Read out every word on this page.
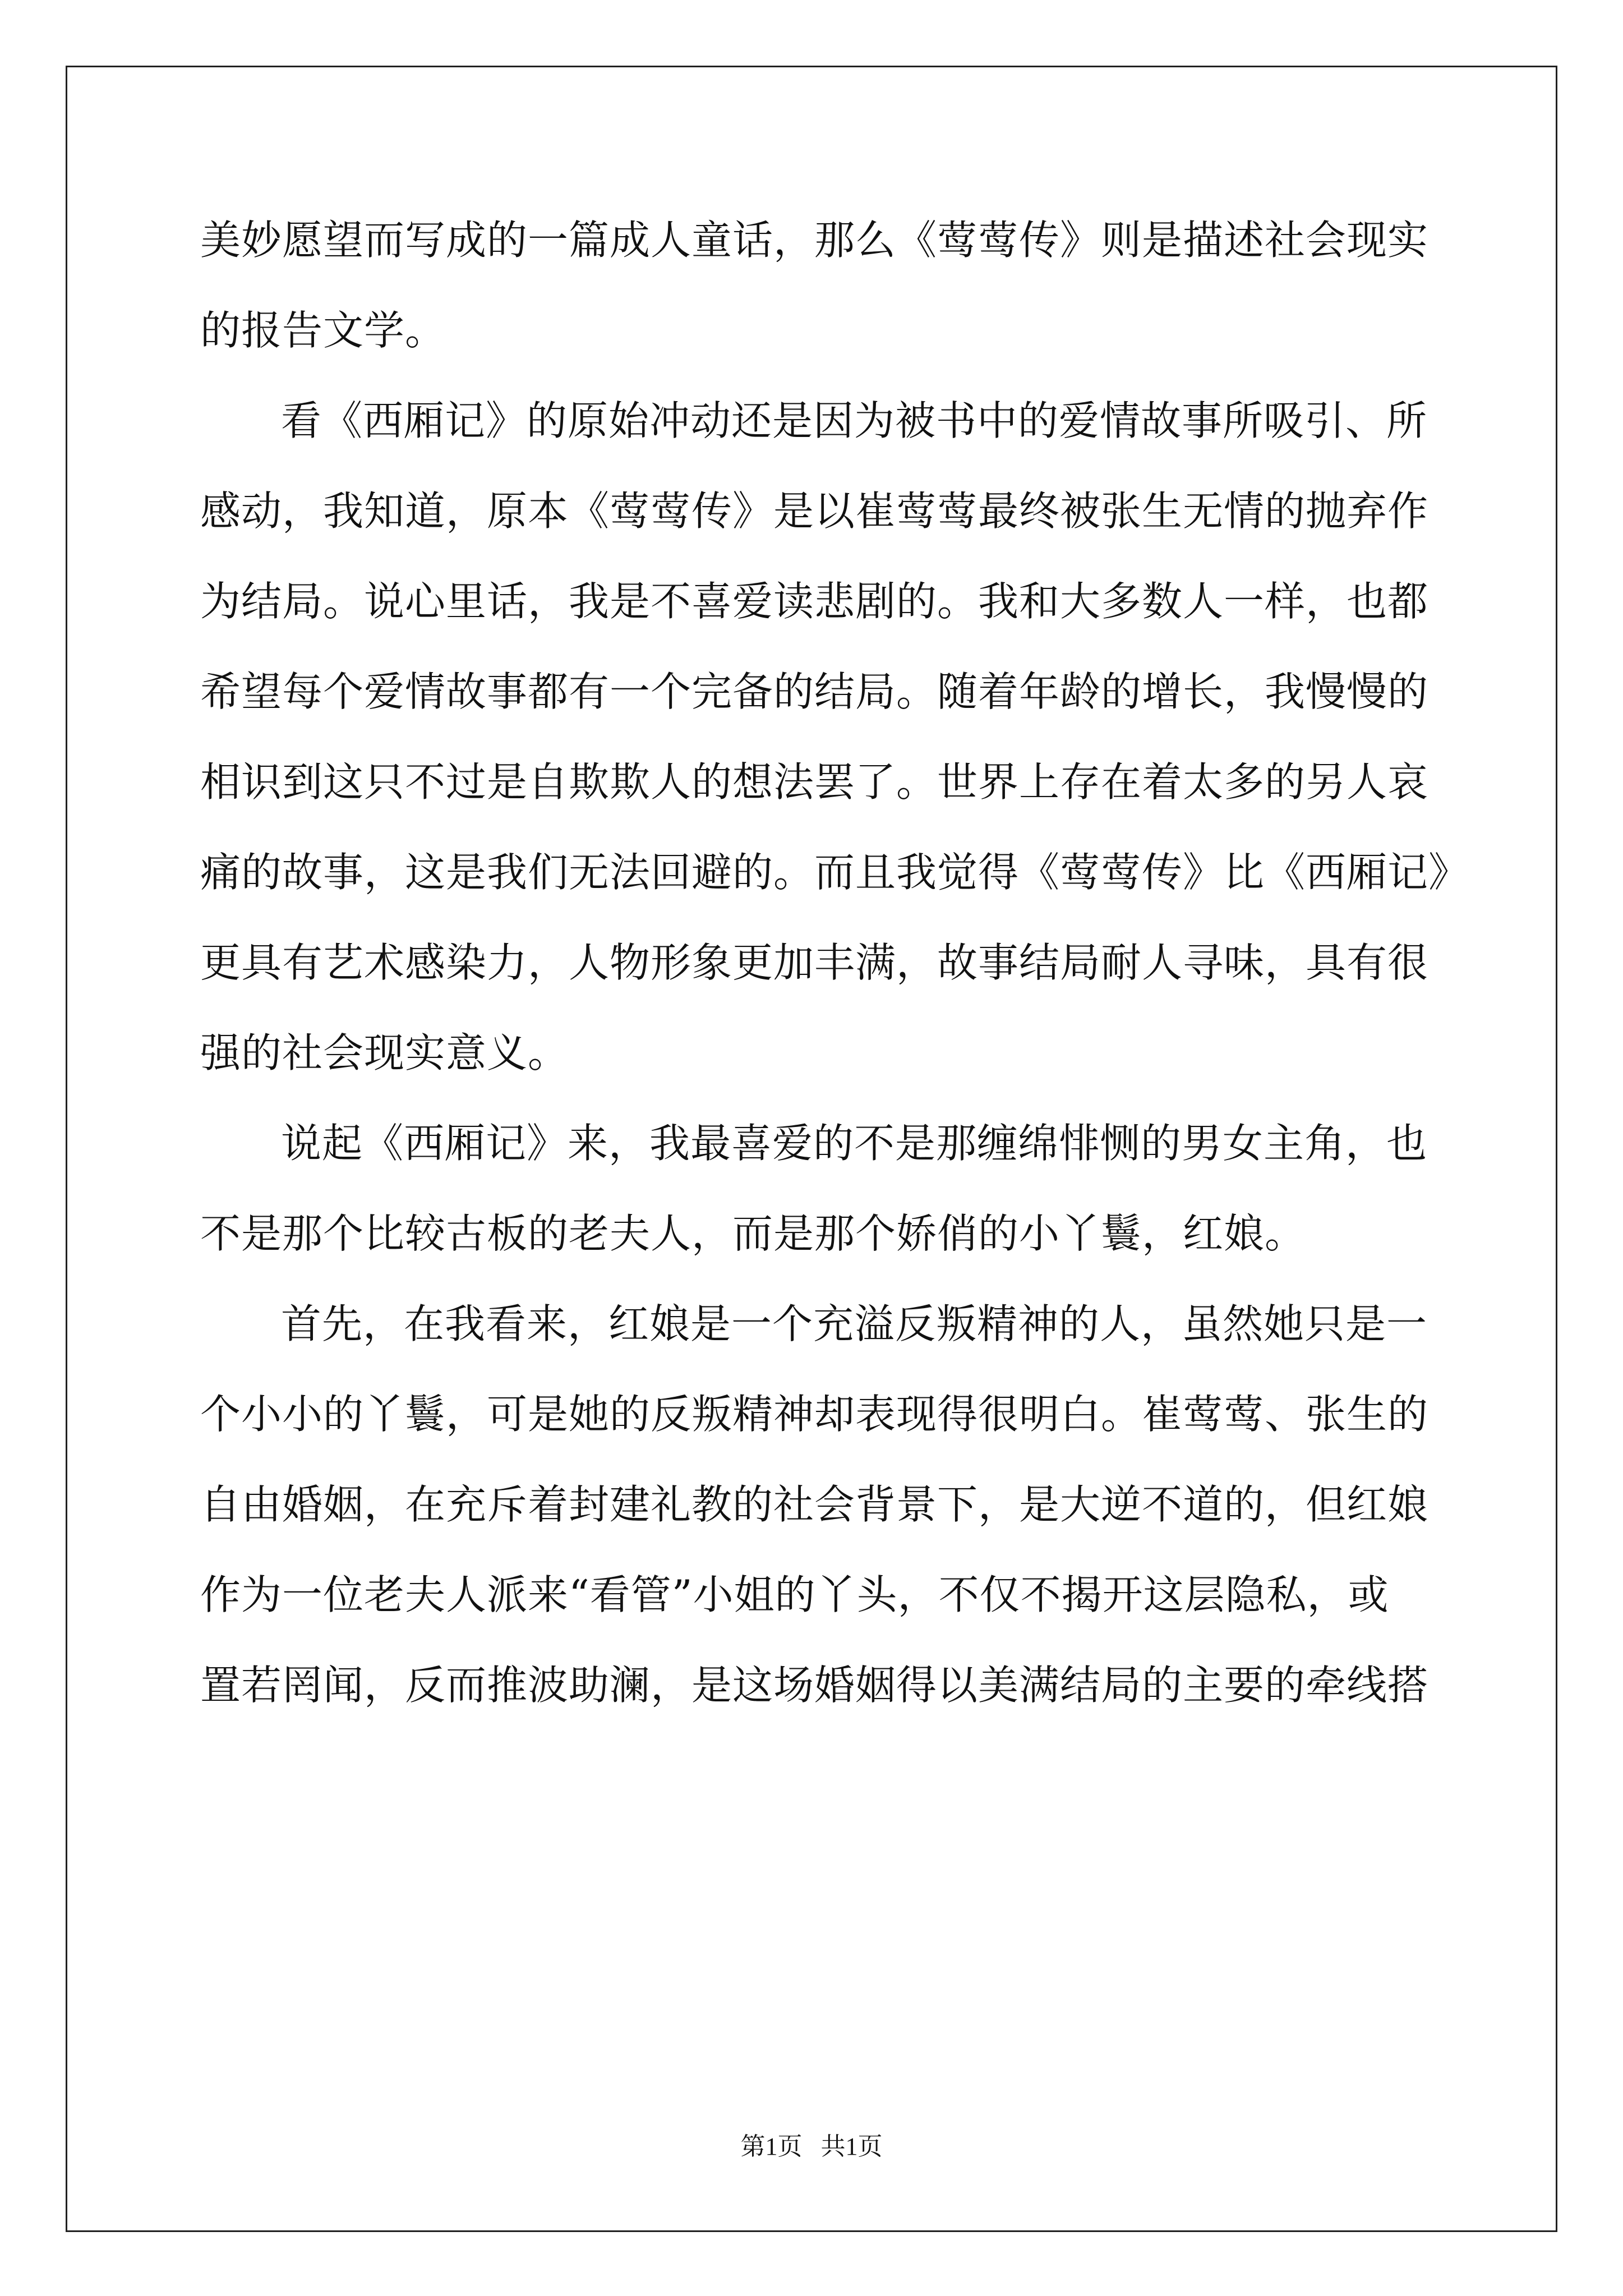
美妙愿望而写成的一篇成人童话，那么《莺莺传》则是描述社会现实
的报告文学。
看《西厢记》的原始冲动还是因为被书中的爱情故事所吸引、所
感动，我知道，原本《莺莺传》是以崔莺莺最终被张生无情的抛弃作
为结局。说心里话，我是不喜爱读悲剧的。我和大多数人一样，也都
希望每个爱情故事都有一个完备的结局。随着年龄的增长，我慢慢的
相识到这只不过是自欺欺人的想法罢了。世界上存在着太多的另人哀
痛的故事，这是我们无法回避的。而且我觉得《莺莺传》比《西厢记》
更具有艺术感染力，人物形象更加丰满，故事结局耐人寻味，具有很
强的社会现实意义。
说起《西厢记》来，我最喜爱的不是那缠绵悱恻的男女主角，也
不是那个比较古板的老夫人，而是那个娇俏的小丫鬟，红娘。
首先，在我看来，红娘是一个充溢反叛精神的人，虽然她只是一
个小小的丫鬟，可是她的反叛精神却表现得很明白。崔莺莺、张生的
自由婚姻，在充斥着封建礼教的社会背景下，是大逆不道的，但红娘
作为一位老夫人派来“看管”小姐的丫头，不仅不揭开这层隐私，或
置若罔闻，反而推波助澜，是这场婚姻得以美满结局的主要的牵线搭
第1页 共1页
